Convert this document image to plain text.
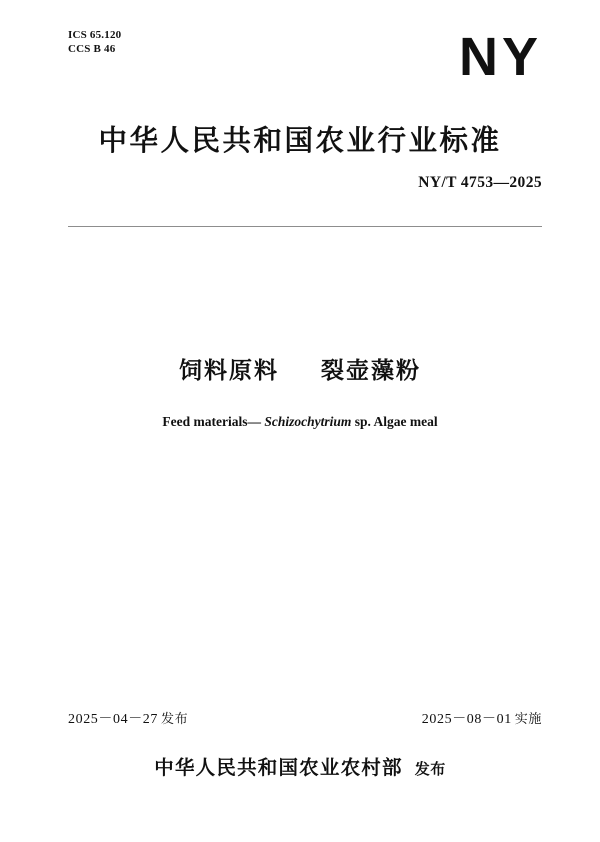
ICS 65.120
CCS B 46	NY
中华人民共和国农业行业标准
NY/T 4753—2025
饲料原料 裂壶藻粉
Feed materials— Schizochytrium sp. Algae meal
2025－04－27 发布	2025－08－01 实施
中华人民共和国农业农村部 发布
